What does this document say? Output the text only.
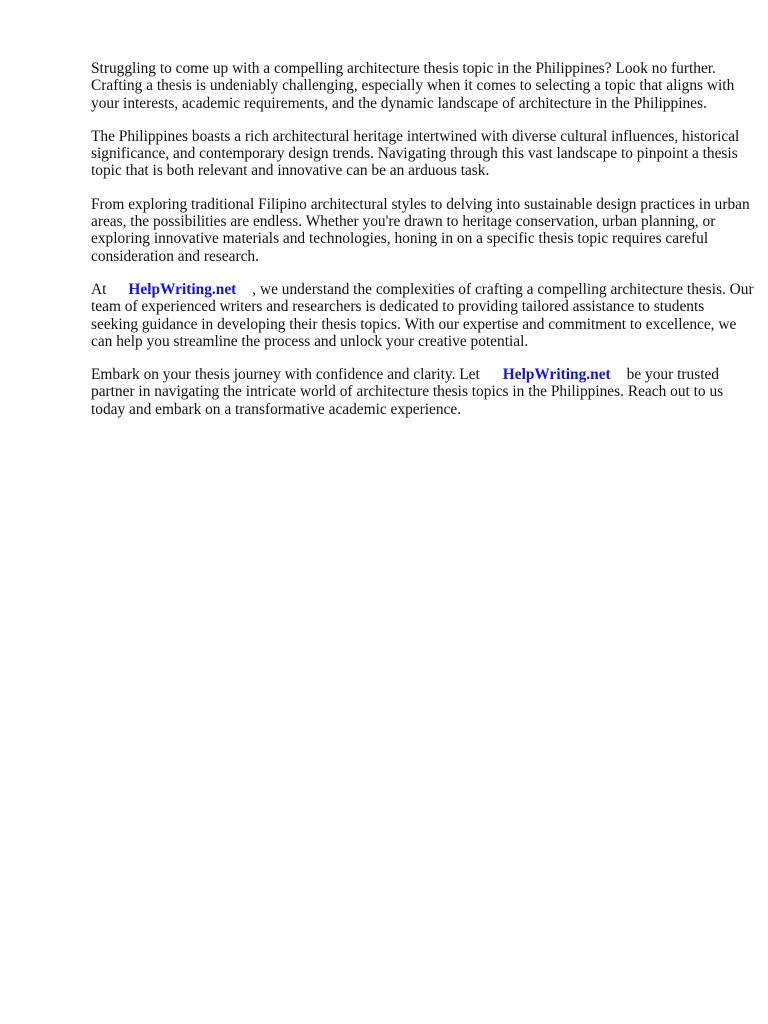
Struggling to come up with a compelling architecture thesis topic in the Philippines? Look no further. Crafting a thesis is undeniably challenging, especially when it comes to selecting a topic that aligns with your interests, academic requirements, and the dynamic landscape of architecture in the Philippines.

The Philippines boasts a rich architectural heritage intertwined with diverse cultural influences, historical significance, and contemporary design trends. Navigating through this vast landscape to pinpoint a thesis topic that is both relevant and innovative can be an arduous task.

From exploring traditional Filipino architectural styles to delving into sustainable design practices in urban areas, the possibilities are endless. Whether you're drawn to heritage conservation, urban planning, or exploring innovative materials and technologies, honing in on a specific thesis topic requires careful consideration and research.

At HelpWriting.net , we understand the complexities of crafting a compelling architecture thesis. Our team of experienced writers and researchers is dedicated to providing tailored assistance to students seeking guidance in developing their thesis topics. With our expertise and commitment to excellence, we can help you streamline the process and unlock your creative potential.

Embark on your thesis journey with confidence and clarity. Let HelpWriting.net be your trusted partner in navigating the intricate world of architecture thesis topics in the Philippines. Reach out to us today and embark on a transformative academic experience.
